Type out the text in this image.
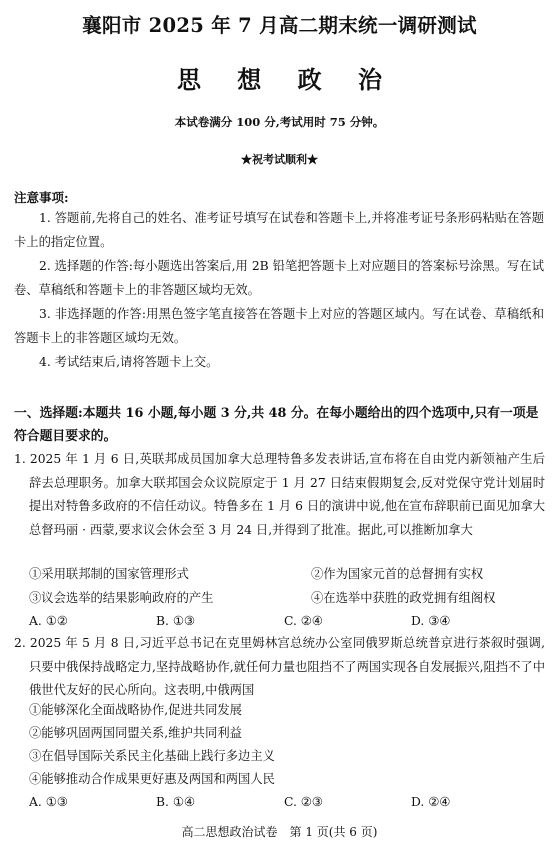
襄阳市 2025 年 7 月高二期末统一调研测试
思 想 政 治
本试卷满分 100 分,考试用时 75 分钟。
★祝考试顺利★
注意事项:
1. 答题前,先将自己的姓名、准考证号填写在试卷和答题卡上,并将准考证号条形码粘贴在答题卡上的指定位置。
2. 选择题的作答:每小题选出答案后,用 2B 铅笔把答题卡上对应题目的答案标号涂黑。写在试卷、草稿纸和答题卡上的非答题区域均无效。
3. 非选择题的作答:用黑色签字笔直接答在答题卡上对应的答题区域内。写在试卷、草稿纸和答题卡上的非答题区域均无效。
4. 考试结束后,请将答题卡上交。
一、选择题:本题共 16 小题,每小题 3 分,共 48 分。在每小题给出的四个选项中,只有一项是符合题目要求的。
1. 2025 年 1 月 6 日,英联邦成员国加拿大总理特鲁多发表讲话,宣布将在自由党内新领袖产生后辞去总理职务。加拿大联邦国会众议院原定于 1 月 27 日结束假期复会,反对党保守党计划届时提出对特鲁多政府的不信任动议。特鲁多在 1 月 6 日的演讲中说,他在宣布辞职前已面见加拿大总督玛丽 · 西蒙,要求议会休会至 3 月 24 日,并得到了批准。据此,可以推断加拿大
①采用联邦制的国家管理形式	②作为国家元首的总督拥有实权
③议会选举的结果影响政府的产生	④在选举中获胜的政党拥有组阁权
A. ①②	B. ①③	C. ②④	D. ③④
2. 2025 年 5 月 8 日,习近平总书记在克里姆林宫总统办公室同俄罗斯总统普京进行茶叙时强调,只要中俄保持战略定力,坚持战略协作,就任何力量也阻挡不了两国实现各自发展振兴,阻挡不了中俄世代友好的民心所向。这表明,中俄两国
①能够深化全面战略协作,促进共同发展
②能够巩固两国同盟关系,维护共同利益
③在倡导国际关系民主化基础上践行多边主义
④能够推动合作成果更好惠及两国和两国人民
A. ①③	B. ①④	C. ②③	D. ②④
高二思想政治试卷　第 1 页(共 6 页)
